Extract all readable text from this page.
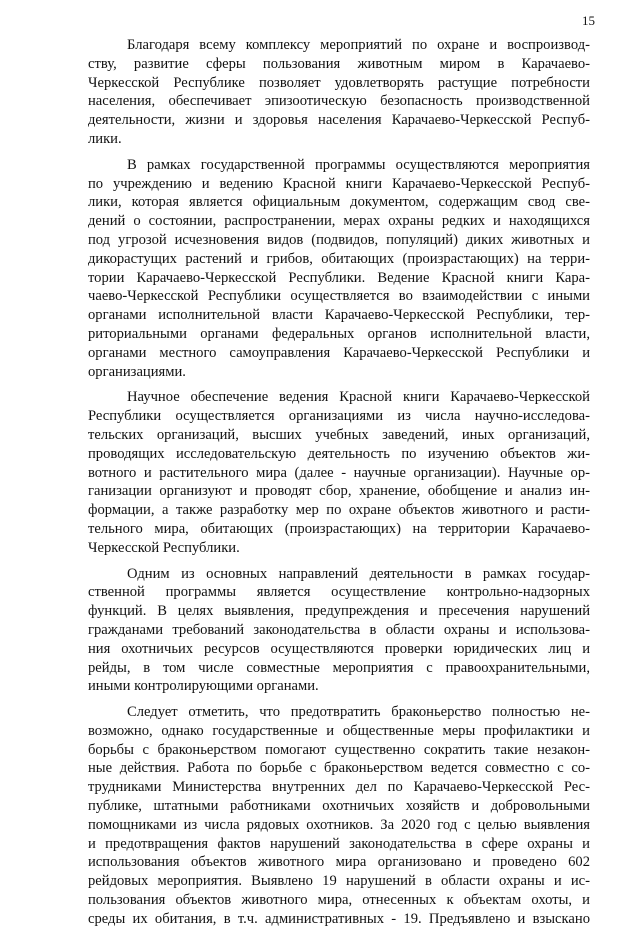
15
Благодаря всему комплексу мероприятий по охране и воспроизвод-
ству, развитие сферы пользования животным миром в Карачаево-
Черкесской Республике позволяет удовлетворять растущие потребности
населения, обеспечивает эпизоотическую безопасность производственной
деятельности, жизни и здоровья населения Карачаево-Черкесской Респуб-
лики.
В рамках государственной программы осуществляются мероприятия
по учреждению и ведению Красной книги Карачаево-Черкесской Респуб-
лики, которая является официальным документом, содержащим свод све-
дений о состоянии, распространении, мерах охраны редких и находящихся
под угрозой исчезновения видов (подвидов, популяций) диких животных и
дикорастущих растений и грибов, обитающих (произрастающих) на терри-
тории Карачаево-Черкесской Республики. Ведение Красной книги Кара-
чаево-Черкесской Республики осуществляется во взаимодействии с иными
органами исполнительной власти Карачаево-Черкесской Республики, тер-
риториальными органами федеральных органов исполнительной власти,
органами местного самоуправления Карачаево-Черкесской Республики и
организациями.
Научное обеспечение ведения Красной книги Карачаево-Черкесской
Республики осуществляется организациями из числа научно-исследова-
тельских организаций, высших учебных заведений, иных организаций,
проводящих исследовательскую деятельность по изучению объектов жи-
вотного и растительного мира (далее - научные организации). Научные ор-
ганизации организуют и проводят сбор, хранение, обобщение и анализ ин-
формации, а также разработку мер по охране объектов животного и расти-
тельного мира, обитающих (произрастающих) на территории Карачаево-
Черкесской Республики.
Одним из основных направлений деятельности в рамках государ-
ственной программы является осуществление контрольно-надзорных
функций. В целях выявления, предупреждения и пресечения нарушений
гражданами требований законодательства в области охраны и использова-
ния охотничьих ресурсов осуществляются проверки юридических лиц и
рейды, в том числе совместные мероприятия с правоохранительными,
иными контролирующими органами.
Следует отметить, что предотвратить браконьерство полностью не-
возможно, однако государственные и общественные меры профилактики и
борьбы с браконьерством помогают существенно сократить такие незакон-
ные действия. Работа по борьбе с браконьерством ведется совместно с со-
трудниками Министерства внутренних дел по Карачаево-Черкесской Рес-
публике, штатными работниками охотничьих хозяйств и добровольными
помощниками из числа рядовых охотников. За 2020 год с целью выявления
и предотвращения фактов нарушений законодательства в сфере охраны и
использования объектов животного мира организовано и проведено 602
рейдовых мероприятия. Выявлено 19 нарушений в области охраны и ис-
пользования объектов животного мира, отнесенных к объектам охоты, и
среды их обитания, в т.ч. административных - 19. Предъявлено и взыскано
